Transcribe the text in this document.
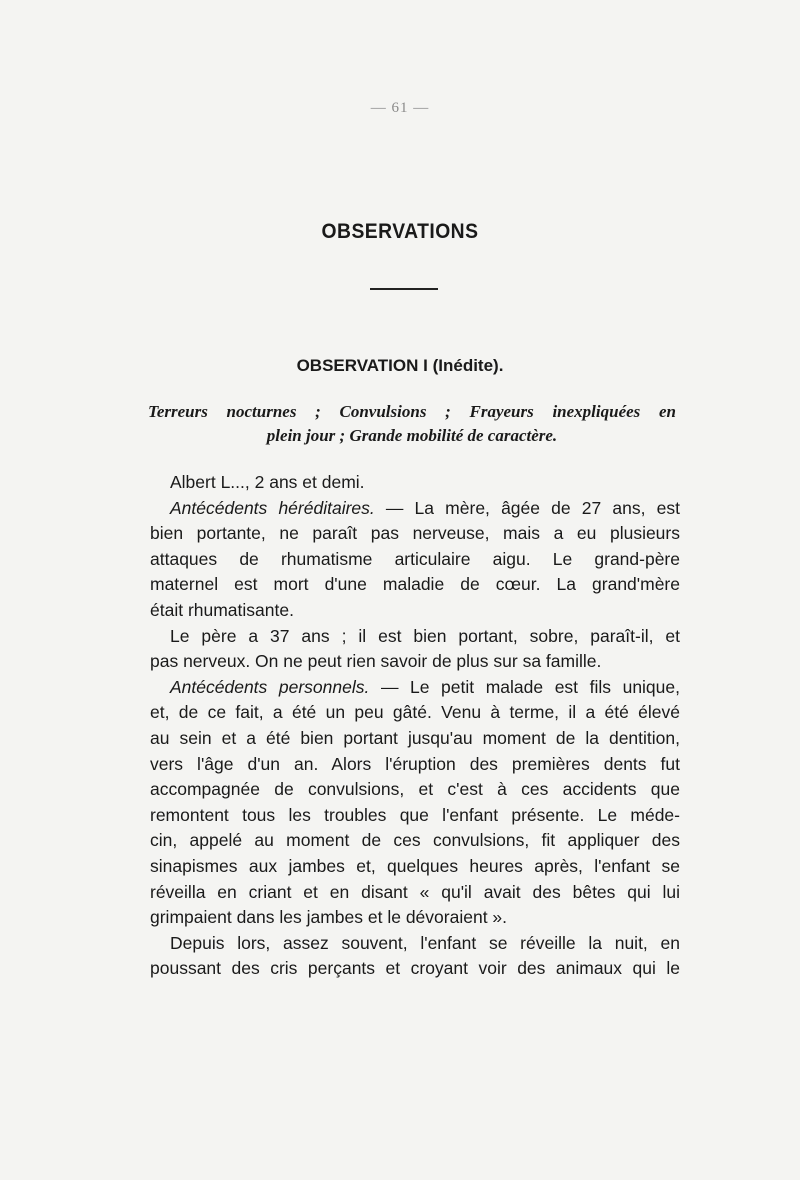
— 61 —
OBSERVATIONS
OBSERVATION I (Inédite).
Terreurs nocturnes ; Convulsions ; Frayeurs inexpliquées en
plein jour ; Grande mobilité de caractère.

Albert L..., 2 ans et demi.

Antécédents héréditaires. — La mère, âgée de 27 ans, est

bien portante, ne paraît pas nerveuse, mais a eu plusieurs
attaques de rhumatisme articulaire aigu. Le grand-père
maternel est mort d'une maladie de cœur. La grand'mère
était rhumatisante.

Le père a 37 ans ; il est bien portant, sobre, paraît-il, et

pas nerveux. On ne peut rien savoir de plus sur sa famille.

Antécédents personnels. — Le petit malade est fils unique,

et, de ce fait, a été un peu gâté. Venu à terme, il a été élevé
au sein et a été bien portant jusqu'au moment de la dentition,
vers l'âge d'un an. Alors l'éruption des premières dents fut
accompagnée de convulsions, et c'est à ces accidents que
remontent tous les troubles que l'enfant présente. Le méde-
cin, appelé au moment de ces convulsions, fit appliquer des
sinapismes aux jambes et, quelques heures après, l'enfant se
réveilla en criant et en disant « qu'il avait des bêtes qui lui
grimpaient dans les jambes et le dévoraient ».

Depuis lors, assez souvent, l'enfant se réveille la nuit, en

poussant des cris perçants et croyant voir des animaux qui le
